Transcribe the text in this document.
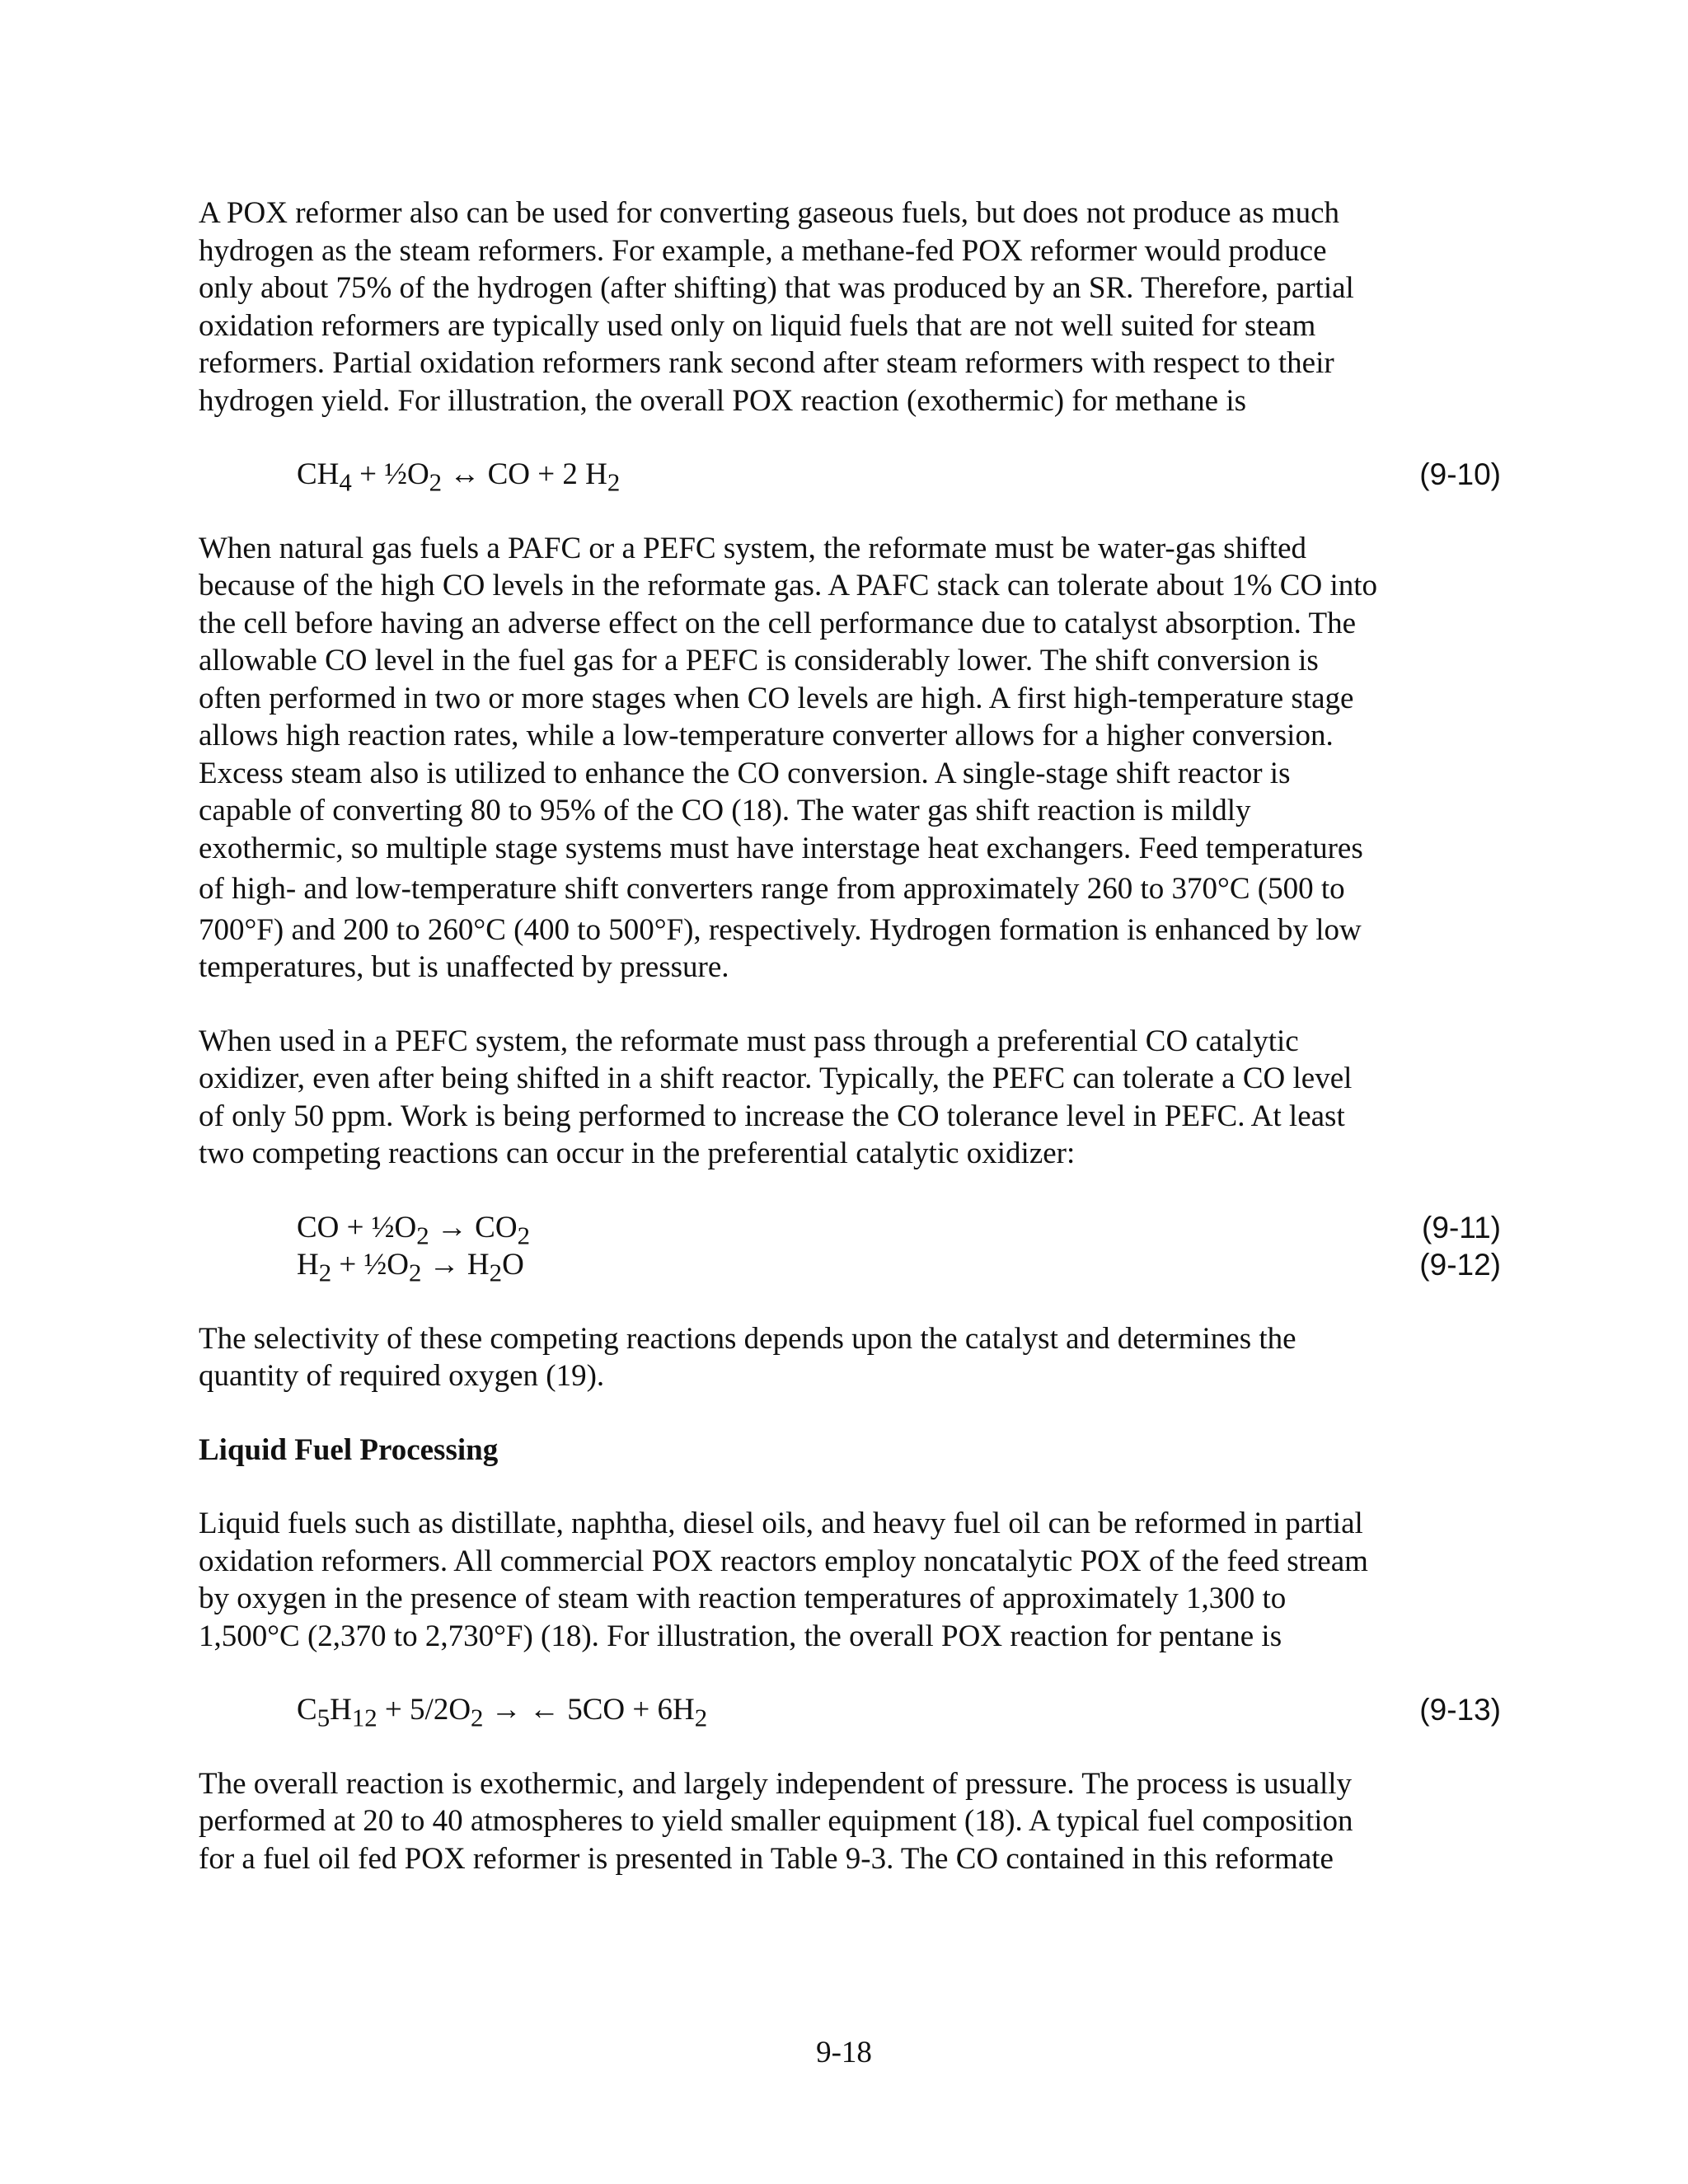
A POX reformer also can be used for converting gaseous fuels, but does not produce as much
hydrogen as the steam reformers. For example, a methane-fed POX reformer would produce
only about 75% of the hydrogen (after shifting) that was produced by an SR. Therefore, partial
oxidation reformers are typically used only on liquid fuels that are not well suited for steam
reformers. Partial oxidation reformers rank second after steam reformers with respect to their
hydrogen yield. For illustration, the overall POX reaction (exothermic) for methane is

$CH_4$ + $\frac{1}{2}O_2$ ↔ CO + 2 $H_2$	(9-10)

When natural gas fuels a PAFC or a PEFC system, the reformate must be water-gas shifted
because of the high CO levels in the reformate gas. A PAFC stack can tolerate about 1% CO into
the cell before having an adverse effect on the cell performance due to catalyst absorption. The
allowable CO level in the fuel gas for a PEFC is considerably lower. The shift conversion is
often performed in two or more stages when CO levels are high. A first high-temperature stage
allows high reaction rates, while a low-temperature converter allows for a higher conversion.
Excess steam also is utilized to enhance the CO conversion. A single-stage shift reactor is
capable of converting 80 to 95% of the CO (18). The water gas shift reaction is mildly
exothermic, so multiple stage systems must have interstage heat exchangers. Feed temperatures
of high- and low-temperature shift converters range from approximately 260 to 370°C (500 to
700°F) and 200 to 260°C (400 to 500°F), respectively. Hydrogen formation is enhanced by low
temperatures, but is unaffected by pressure.

When used in a PEFC system, the reformate must pass through a preferential CO catalytic
oxidizer, even after being shifted in a shift reactor. Typically, the PEFC can tolerate a CO level
of only 50 ppm. Work is being performed to increase the CO tolerance level in PEFC. At least
two competing reactions can occur in the preferential catalytic oxidizer:

CO + $\frac{1}{2}O_2 \to CO_2$	(9-11)
$H_2$ + $\frac{1}{2}O_2 \to H_2O$	(9-12)

The selectivity of these competing reactions depends upon the catalyst and determines the
quantity of required oxygen (19).

Liquid Fuel Processing

Liquid fuels such as distillate, naphtha, diesel oils, and heavy fuel oil can be reformed in partial
oxidation reformers. All commercial POX reactors employ noncatalytic POX of the feed stream
by oxygen in the presence of steam with reaction temperatures of approximately 1,300 to
1,500°C (2,370 to 2,730°F) (18). For illustration, the overall POX reaction for pentane is

$C_5H_{12} + 5/2O_2$ → ← $5CO + 6H_2$	(9-13)

The overall reaction is exothermic, and largely independent of pressure. The process is usually
performed at 20 to 40 atmospheres to yield smaller equipment (18). A typical fuel composition
for a fuel oil fed POX reformer is presented in Table 9-3. The CO contained in this reformate

9-18
